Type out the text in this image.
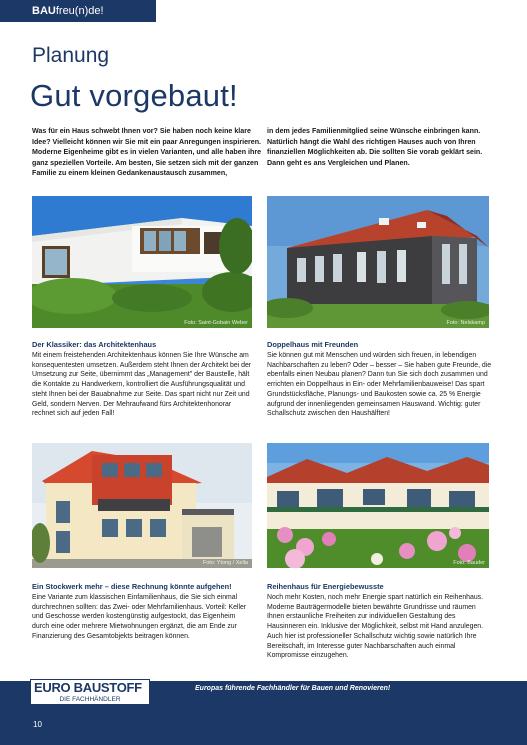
BAUfreu(n)de!
Planung
Gut vorgebaut!

Was für ein Haus schwebt Ihnen vor? Sie haben noch keine klare Idee? Vielleicht können wir Sie mit ein paar Anregungen inspirieren. Moderne Eigenheime gibt es in vielen Varianten, und alle haben ihre ganz speziellen Vorteile. Am besten, Sie setzen sich mit der ganzen Familie zu einem kleinen Gedankenaustausch zusammen,

in dem jedes Familienmitglied seine Wünsche einbringen kann. Natürlich hängt die Wahl des richtigen Hauses auch von Ihren finanziellen Möglichkeiten ab. Die sollten Sie vorab geklärt sein. Dann geht es ans Vergleichen und Planen.

Foto: Saint-Gobain Weber	Foto: Nelskamp

Der Klassiker: das Architektenhaus

Mit einem freistehenden Architektenhaus können Sie Ihre Wünsche am konsequentesten umsetzen. Außerdem steht Ihnen der Architekt bei der Umsetzung zur Seite, übernimmt das „Management" der Baustelle, hält die Kontakte zu Handwerkern, kontrolliert die Ausführungsqualität und steht Ihnen bei der Bauabnahme zur Seite. Das spart nicht nur Zeit und Geld, sondern Nerven. Der Mehraufwand fürs Architektenhonorar rechnet sich auf jeden Fall!

Doppelhaus mit Freunden

Sie können gut mit Menschen und würden sich freuen, in lebendigen Nachbarschaften zu leben? Oder – besser – Sie haben gute Freunde, die ebenfalls einen Neubau planen? Dann tun Sie sich doch zusammen und errichten ein Doppelhaus in Ein- oder Mehrfamilienbauweise! Das spart Grundstücksfläche, Planungs- und Baukosten sowie ca. 25 % Energie aufgrund der innenliegenden gemeinsamen Hauswand. Wichtig: guter Schallschutz zwischen den Haushälften!

Foto: Ytong / Xella	Foto: Bauder

Ein Stockwerk mehr – diese Rechnung könnte aufgehen!

Eine Variante zum klassischen Einfamilienhaus, die Sie sich einmal durchrechnen sollten: das Zwei- oder Mehrfamilienhaus. Vorteil: Keller und Geschosse werden kostengünstig aufgestockt, das Eigenheim durch eine oder mehrere Mietwohnungen ergänzt, die am Ende zur Finanzierung des Gesamtobjekts beitragen können.

Reihenhaus für Energiebewusste

Noch mehr Kosten, noch mehr Energie spart natürlich ein Reihenhaus. Moderne Bauträgermodelle bieten bewährte Grundrisse und räumen Ihnen erstaunliche Freiheiten zur individuellen Gestaltung des Hausinneren ein. Inklusive der Möglichkeit, selbst mit Hand anzulegen. Auch hier ist professioneller Schallschutz wichtig sowie natürlich Ihre Bereitschaft, im Interesse guter Nachbarschaften auch einmal Kompromisse einzugehen.

Europas führende Fachhändler für Bauen und Renovieren!
EURO BAUSTOFF
DIE FACHHÄNDLER
10
